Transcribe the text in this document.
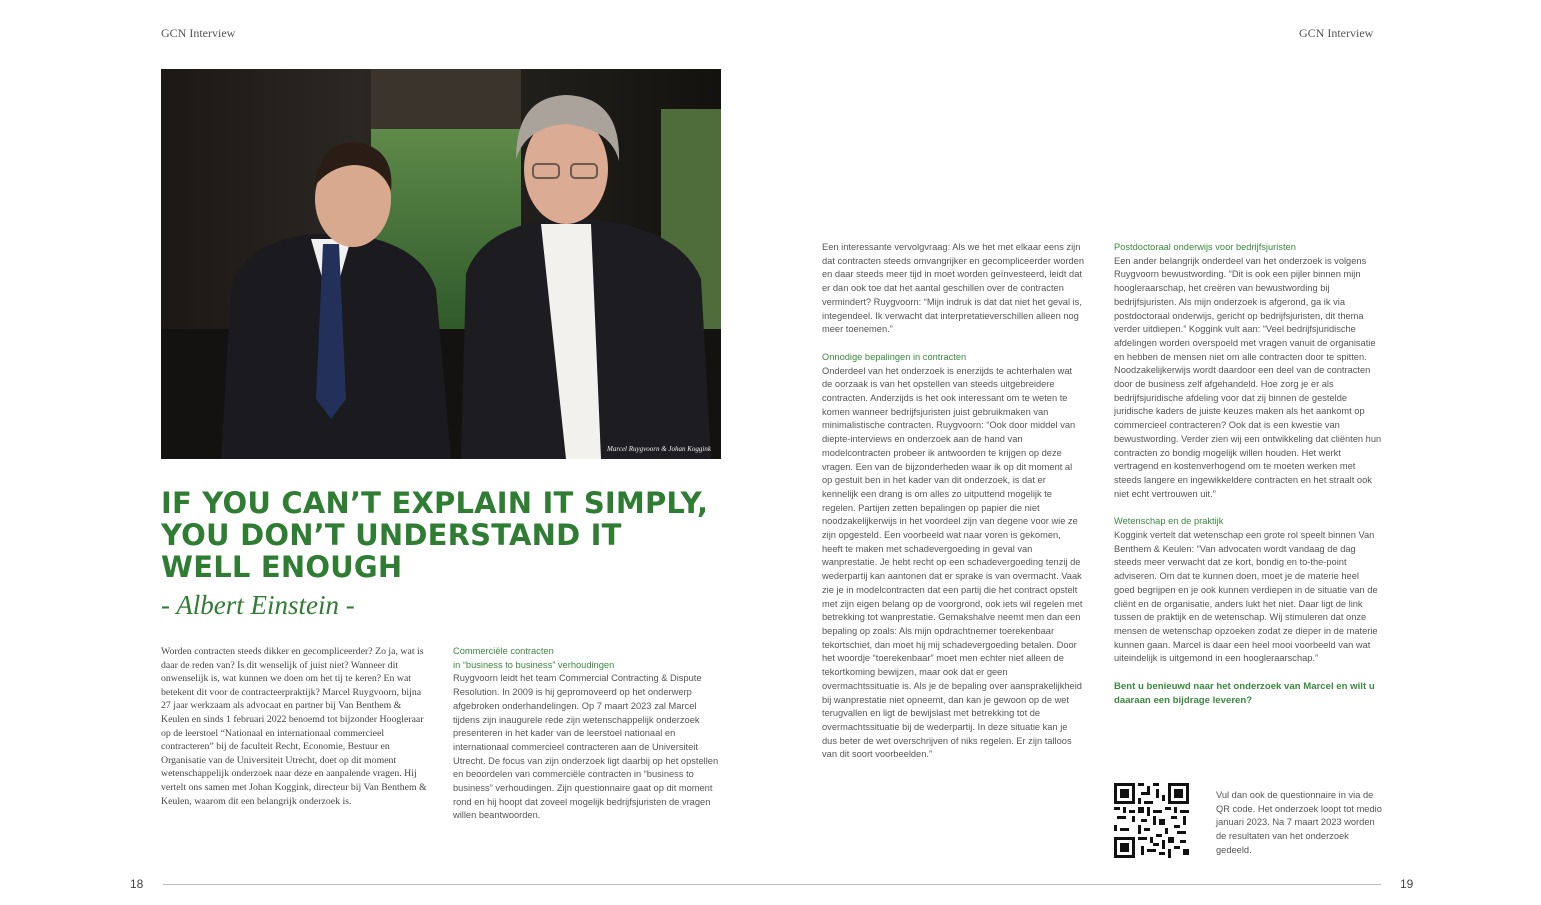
GCN Interview	GCN Interview
Marcel Ruygvoorn & Johan Koggink
IF YOU CAN’T EXPLAIN IT SIMPLY,
YOU DON’T UNDERSTAND IT
WELL ENOUGH
- Albert Einstein -
Worden contracten steeds dikker en gecompliceerder? Zo ja, wat is daar de reden van? Is dit wenselijk of juist niet? Wanneer dit onwenselijk is, wat kunnen we doen om het tij te keren? En wat betekent dit voor de contracteerpraktijk? Marcel Ruygvoorn, bijna 27 jaar werkzaam als advocaat en partner bij Van Benthem & Keulen en sinds 1 februari 2022 benoemd tot bijzonder Hoogleraar op de leerstoel “Nationaal en internationaal commercieel contracteren” bij de faculteit Recht, Economie, Bestuur en Organisatie van de Universiteit Utrecht, doet op dit moment wetenschappelijk onderzoek naar deze en aanpalende vragen. Hij vertelt ons samen met Johan Koggink, directeur bij Van Benthem & Keulen, waarom dit een belangrijk onderzoek is.
Commerciële contracten
in “business to business” verhoudingen
Ruygvoorn leidt het team Commercial Contracting & Dispute Resolution. In 2009 is hij gepromoveerd op het onderwerp afgebroken onderhandelingen. Op 7 maart 2023 zal Marcel tijdens zijn inaugurele rede zijn wetenschappelijk onderzoek presenteren in het kader van de leerstoel nationaal en internationaal commercieel contracteren aan de Universiteit Utrecht. De focus van zijn onderzoek ligt daarbij op het opstellen en beoordelen van commerciële contracten in “business to business” verhoudingen. Zijn questionnaire gaat op dit moment rond en hij hoopt dat zoveel mogelijk bedrijfsjuristen de vragen willen beantwoorden.
Een interessante vervolgvraag: Als we het met elkaar eens zijn dat contracten steeds omvangrijker en gecompliceerder worden en daar steeds meer tijd in moet worden geïnvesteerd, leidt dat er dan ook toe dat het aantal geschillen over de contracten vermindert? Ruygvoorn: “Mijn indruk is dat dat niet het geval is, integendeel. Ik verwacht dat interpretatieverschillen alleen nog meer toenemen.”
Onnodige bepalingen in contracten
Onderdeel van het onderzoek is enerzijds te achterhalen wat de oorzaak is van het opstellen van steeds uitgebreidere contracten. Anderzijds is het ook interessant om te weten te komen wanneer bedrijfsjuristen juist gebruikmaken van minimalistische contracten. Ruygvoorn: “Ook door middel van diepte-interviews en onderzoek aan de hand van modelcontracten probeer ik antwoorden te krijgen op deze vragen. Een van de bijzonderheden waar ik op dit moment al op gestuit ben in het kader van dit onderzoek, is dat er kennelijk een drang is om alles zo uitputtend mogelijk te regelen. Partijen zetten bepalingen op papier die niet noodzakelijkerwijs in het voordeel zijn van degene voor wie ze zijn opgesteld. Een voorbeeld wat naar voren is gekomen, heeft te maken met schadevergoeding in geval van wanprestatie. Je hebt recht op een schadevergoeding tenzij de wederpartij kan aantonen dat er sprake is van overmacht. Vaak zie je in modelcontracten dat een partij die het contract opstelt met zijn eigen belang op de voorgrond, ook iets wil regelen met betrekking tot wanprestatie. Gemakshalve neemt men dan een bepaling op zoals: Als mijn opdrachtnemer toerekenbaar tekortschiet, dan moet hij mij schadevergoeding betalen. Door het woordje “toerekenbaar” moet men echter niet alleen de tekortkoming bewijzen, maar ook dat er geen overmachtssituatie is. Als je de bepaling over aansprakelijkheid bij wanprestatie niet opneemt, dan kan je gewoon op de wet terugvallen en ligt de bewijslast met betrekking tot de overmachtssituatie bij de wederpartij. In deze situatie kan je dus beter de wet overschrijven of niks regelen. Er zijn talloos van dit soort voorbeelden.”
Postdoctoraal onderwijs voor bedrijfsjuristen
Een ander belangrijk onderdeel van het onderzoek is volgens Ruygvoorn bewustwording. “Dit is ook een pijler binnen mijn hoogleraarschap, het creëren van bewustwording bij bedrijfsjuristen. Als mijn onderzoek is afgerond, ga ik via postdoctoraal onderwijs, gericht op bedrijfsjuristen, dit thema verder uitdiepen.” Koggink vult aan: “Veel bedrijfsjuridische afdelingen worden overspoeld met vragen vanuit de organisatie en hebben de mensen niet om alle contracten door te spitten. Noodzakelijkerwijs wordt daardoor een deel van de contracten door de business zelf afgehandeld. Hoe zorg je er als bedrijfsjuridische afdeling voor dat zij binnen de gestelde juridische kaders de juiste keuzes maken als het aankomt op commercieel contracteren? Ook dat is een kwestie van bewustwording. Verder zien wij een ontwikkeling dat cliënten hun contracten zo bondig mogelijk willen houden. Het werkt vertragend en kostenverhogend om te moeten werken met steeds langere en ingewikkeldere contracten en het straalt ook niet echt vertrouwen uit.”
Wetenschap en de praktijk
Koggink vertelt dat wetenschap een grote rol speelt binnen Van Benthem & Keulen: “Van advocaten wordt vandaag de dag steeds meer verwacht dat ze kort, bondig en to-the-point adviseren. Om dat te kunnen doen, moet je de materie heel goed begrijpen en je ook kunnen verdiepen in de situatie van de cliënt en de organisatie, anders lukt het niet. Daar ligt de link tussen de praktijk en de wetenschap. Wij stimuleren dat onze mensen de wetenschap opzoeken zodat ze dieper in de materie kunnen gaan. Marcel is daar een heel mooi voorbeeld van wat uiteindelijk is uitgemond in een hoogleraarschap.”
Bent u benieuwd naar het onderzoek van Marcel en wilt u daaraan een bijdrage leveren?
Vul dan ook de questionnaire in via de QR code. Het onderzoek loopt tot medio januari 2023. Na 7 maart 2023 worden de resultaten van het onderzoek gedeeld.
18	19
